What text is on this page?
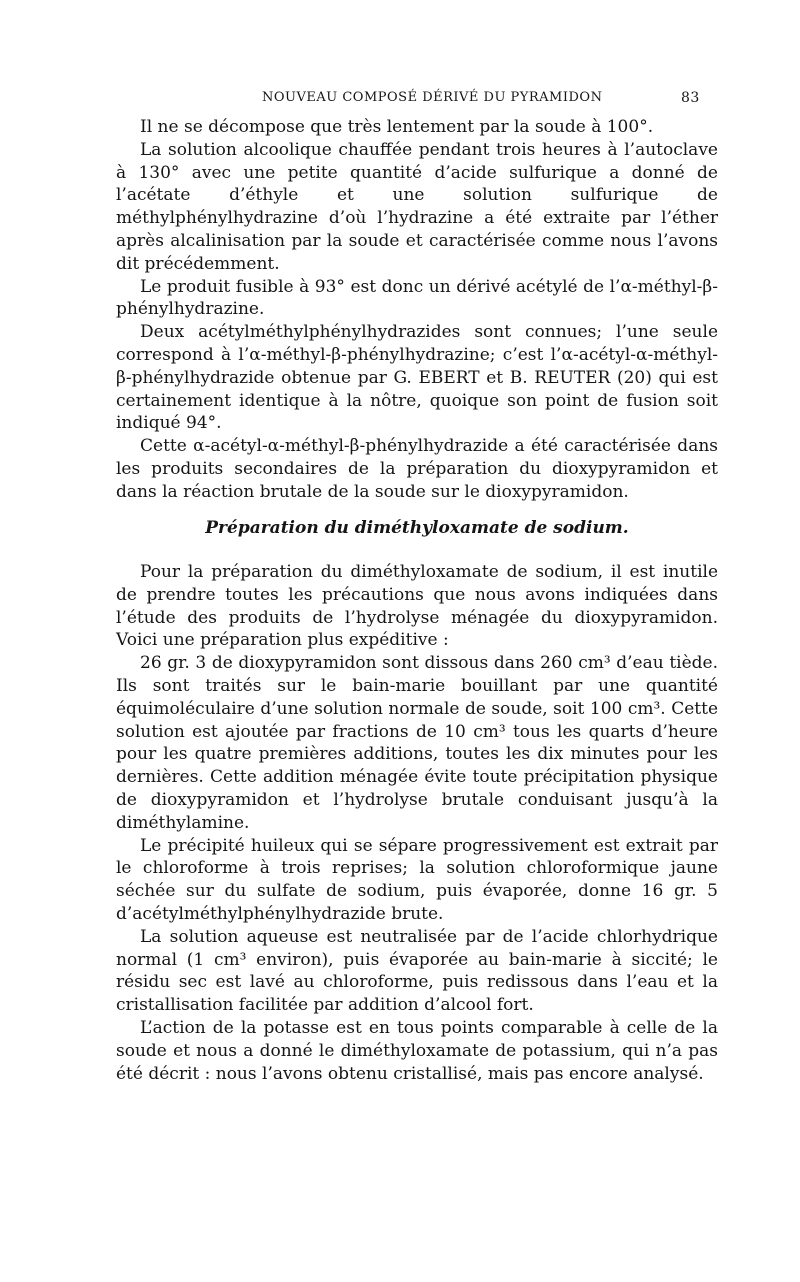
NOUVEAU COMPOSÉ DÉRIVÉ DU PYRAMIDON	83

Il ne se décompose que très lentement par la soude à 100°.

La solution alcoolique chauffée pendant trois heures à l’autoclave à 130° avec une petite quantité d’acide sulfurique a donné de l’acétate d’éthyle et une solution sulfurique de méthylphénylhydrazine d’où l’hydrazine a été extraite par l’éther après alcalinisation par la soude et caractérisée comme nous l’avons dit précédemment.

Le produit fusible à 93° est donc un dérivé acétylé de l’α-méthyl-β-phénylhydrazine.

Deux acétylméthylphénylhydrazides sont connues; l’une seule correspond à l’α-méthyl-β-phénylhydrazine; c’est l’α-acétyl-α-méthyl-β-phénylhydrazide obtenue par G. EBERT et B. REUTER (20) qui est certainement identique à la nôtre, quoique son point de fusion soit indiqué 94°.

Cette α-acétyl-α-méthyl-β-phénylhydrazide a été caractérisée dans les produits secondaires de la préparation du dioxypyramidon et dans la réaction brutale de la soude sur le dioxypyramidon.

Préparation du diméthyloxamate de sodium.

Pour la préparation du diméthyloxamate de sodium, il est inutile de prendre toutes les précautions que nous avons indiquées dans l’étude des produits de l’hydrolyse ménagée du dioxypyramidon. Voici une préparation plus expéditive :

26 gr. 3 de dioxypyramidon sont dissous dans 260 cm³ d’eau tiède. Ils sont traités sur le bain-marie bouillant par une quantité équimoléculaire d’une solution normale de soude, soit 100 cm³. Cette solution est ajoutée par fractions de 10 cm³ tous les quarts d’heure pour les quatre premières additions, toutes les dix minutes pour les dernières. Cette addition ménagée évite toute précipitation physique de dioxypyramidon et l’hydrolyse brutale conduisant jusqu’à la diméthylamine.

Le précipité huileux qui se sépare progressivement est extrait par le chloroforme à trois reprises; la solution chloroformique jaune séchée sur du sulfate de sodium, puis évaporée, donne 16 gr. 5 d’acétylméthylphénylhydrazide brute.

La solution aqueuse est neutralisée par de l’acide chlorhydrique normal (1 cm³ environ), puis évaporée au bain-marie à siccité; le résidu sec est lavé au chloroforme, puis redissous dans l’eau et la cristallisation facilitée par addition d’alcool fort.

L’action de la potasse est en tous points comparable à celle de la soude et nous a donné le diméthyloxamate de potassium, qui n’a pas été décrit : nous l’avons obtenu cristallisé, mais pas encore analysé.
